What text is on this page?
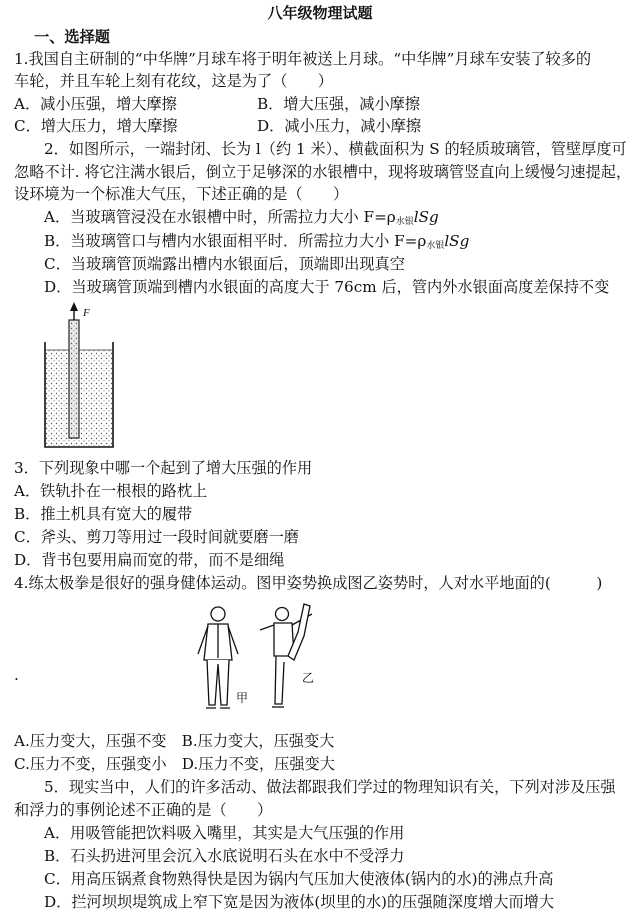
八年级物理试题
一、选择题
1.我国自主研制的“中华牌”月球车将于明年被送上月球。“中华牌”月球车安装了较多的
车轮，并且车轮上刻有花纹，这是为了（　　）
A．减小压强，增大摩擦	B．增大压强，减小摩擦
C．增大压力，增大摩擦	D．减小压力，减小摩擦
2．如图所示，一端封闭、长为 l（约 1 米）、横截面积为 S 的轻质玻璃管，管壁厚度可
忽略不计. 将它注满水银后，倒立于足够深的水银槽中，现将玻璃管竖直向上缓慢匀速提起，
设环境为一个标准大气压，下述正确的是（　　）
A．当玻璃管浸没在水银槽中时，所需拉力大小 $F=\rho_{水银}lSg$
B．当玻璃管口与槽内水银面相平时．所需拉力大小 $F=\rho_{水银}lSg$
C．当玻璃管顶端露出槽内水银面后，顶端即出现真空
D．当玻璃管顶端到槽内水银面的高度大于 76cm 后，管内外水银面高度差保持不变
F
3．下列现象中哪一个起到了增大压强的作用
A．铁轨扑在一根根的路枕上
B．推土机具有宽大的履带
C．斧头、剪刀等用过一段时间就要磨一磨
D．背书包要用扁而宽的带，而不是细绳
4.练太极拳是很好的强身健体运动。图甲姿势换成图乙姿势时，人对水平地面的(　　　)
.
甲
乙
A.压力变大，压强不变　B.压力变大，压强变大
C.压力不变，压强变小　D.压力不变，压强变大
5．现实当中，人们的许多活动、做法都跟我们学过的物理知识有关，下列对涉及压强
和浮力的事例论述不正确的是（　　）
A．用吸管能把饮料吸入嘴里，其实是大气压强的作用
B．石头扔进河里会沉入水底说明石头在水中不受浮力
C．用高压锅煮食物熟得快是因为锅内气压加大使液体(锅内的水)的沸点升高
D．拦河坝坝堤筑成上窄下宽是因为液体(坝里的水)的压强随深度增大而增大
